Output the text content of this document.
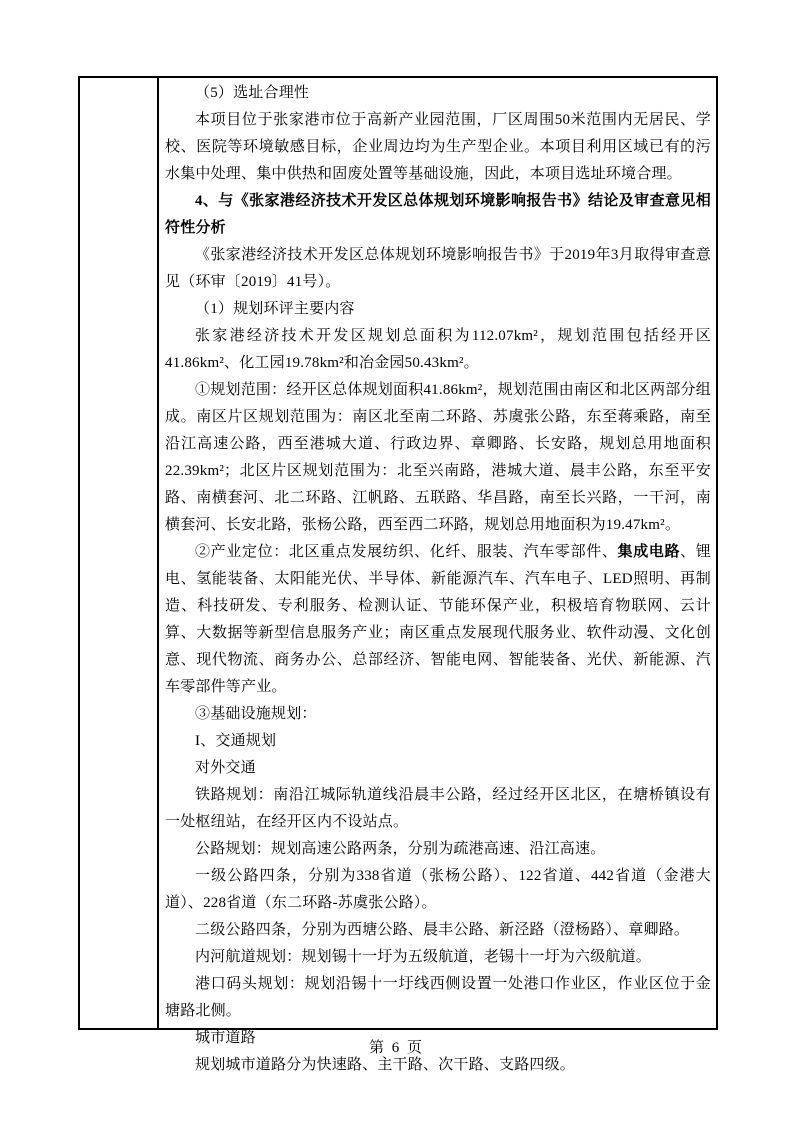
（5）选址合理性

本项目位于张家港市位于高新产业园范围，厂区周围50米范围内无居民、学校、医院等环境敏感目标，企业周边均为生产型企业。本项目利用区域已有的污水集中处理、集中供热和固废处置等基础设施，因此，本项目选址环境合理。

4、与《张家港经济技术开发区总体规划环境影响报告书》结论及审查意见相符性分析

《张家港经济技术开发区总体规划环境影响报告书》于2019年3月取得审查意见（环审〔2019〕41号）。

（1）规划环评主要内容

张家港经济技术开发区规划总面积为112.07km²，规划范围包括经开区41.86km²、化工园19.78km²和冶金园50.43km²。

①规划范围：经开区总体规划面积41.86km²，规划范围由南区和北区两部分组成。南区片区规划范围为：南区北至南二环路、苏虞张公路，东至蒋乘路，南至沿江高速公路，西至港城大道、行政边界、章卿路、长安路，规划总用地面积22.39km²；北区片区规划范围为：北至兴南路，港城大道、晨丰公路，东至平安路、南横套河、北二环路、江帆路、五联路、华昌路，南至长兴路，一干河，南横套河、长安北路，张杨公路，西至西二环路，规划总用地面积为19.47km²。

②产业定位：北区重点发展纺织、化纤、服装、汽车零部件、集成电路、锂电、氢能装备、太阳能光伏、半导体、新能源汽车、汽车电子、LED照明、再制造、科技研发、专利服务、检测认证、节能环保产业，积极培育物联网、云计算、大数据等新型信息服务产业；南区重点发展现代服务业、软件动漫、文化创意、现代物流、商务办公、总部经济、智能电网、智能装备、光伏、新能源、汽车零部件等产业。

③基础设施规划：

I、交通规划

对外交通

铁路规划：南沿江城际轨道线沿晨丰公路，经过经开区北区，在塘桥镇设有一处枢纽站，在经开区内不设站点。

公路规划：规划高速公路两条，分别为疏港高速、沿江高速。

一级公路四条，分别为338省道（张杨公路）、122省道、442省道（金港大道）、228省道（东二环路-苏虞张公路）。

二级公路四条，分别为西塘公路、晨丰公路、新泾路（澄杨路）、章卿路。

内河航道规划：规划锡十一圩为五级航道，老锡十一圩为六级航道。

港口码头规划：规划沿锡十一圩线西侧设置一处港口作业区，作业区位于金塘路北侧。

城市道路

规划城市道路分为快速路、主干路、次干路、支路四级。

第 6 页
